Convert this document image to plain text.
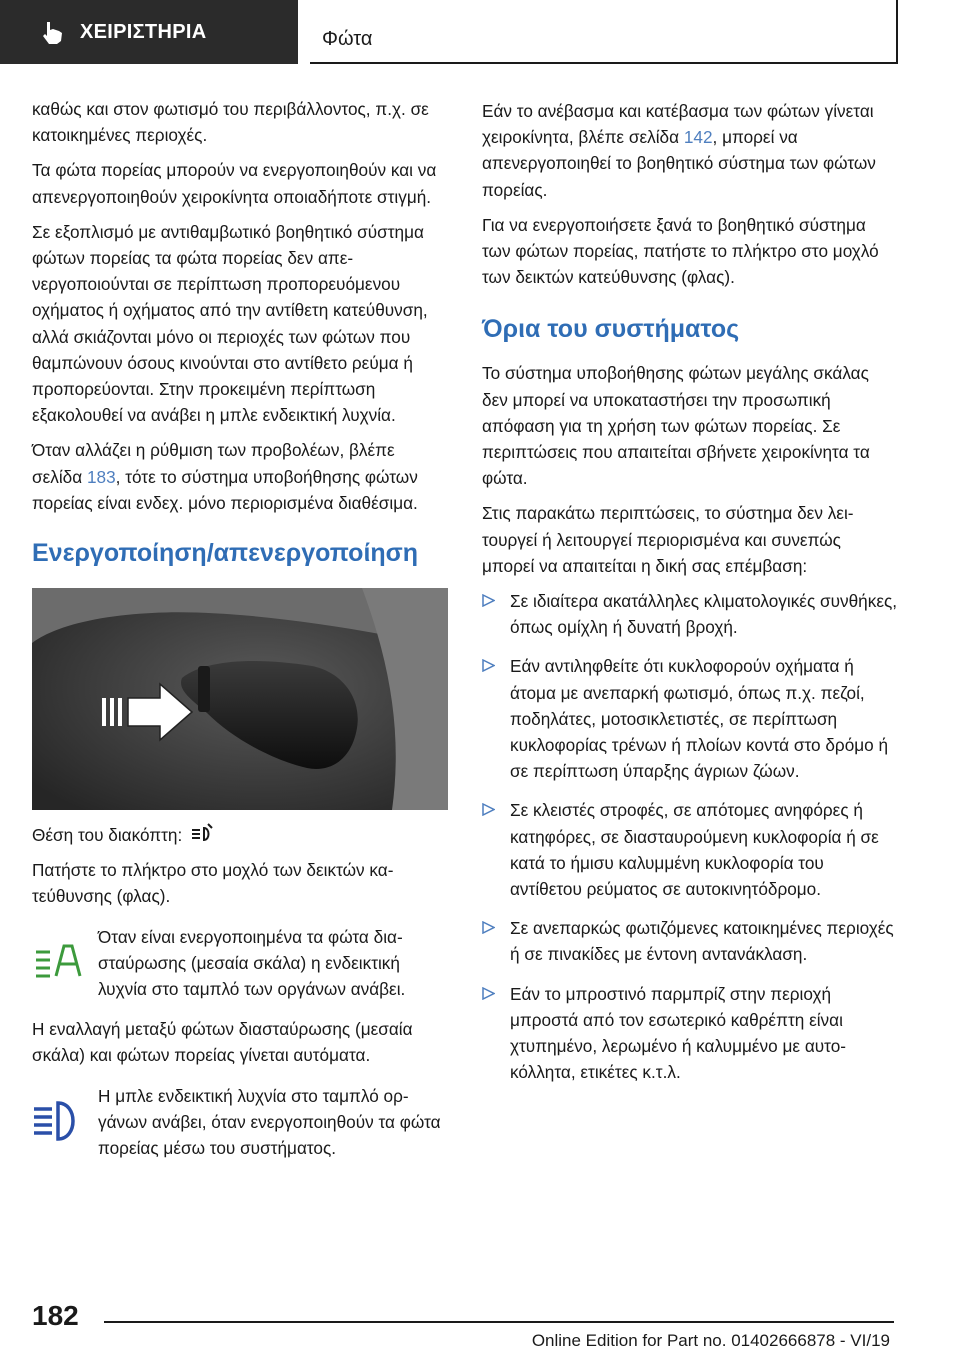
ΧΕΙΡΙΣΤΗΡΙΑ	Φώτα

καθώς και στον φωτισμό του περιβάλλοντος, π.χ. σε κατοικημένες περιοχές.

Τα φώτα πορείας μπορούν να ενεργοποιηθούν και να απενεργοποιηθούν χειροκίνητα οποιαδήποτε στιγμή.

Σε εξοπλισμό με αντιθαμβωτικό βοηθητικό σύστημα φώτων πορείας τα φώτα πορείας δεν απενεργοποιούνται σε περίπτωση προπορευόμενου οχήματος ή οχήματος από την αντίθετη κατεύθυνση, αλλά σκιάζονται μόνο οι περιοχές των φώτων που θαμπώνουν όσους κινούνται στο αντίθετο ρεύμα ή προπορεύονται. Στην προκειμένη περίπτωση εξακολουθεί να ανάβει η μπλε ενδεικτική λυχνία.

Όταν αλλάζει η ρύθμιση των προβολέων, βλέπε σελίδα 183, τότε το σύστημα υποβοήθησης φώτων πορείας είναι ενδεχ. μόνο περιορισμένα διαθέσιμα.

Ενεργοποίηση/απενεργοποίηση

Θέση του διακόπτη:

Πατήστε το πλήκτρο στο μοχλό των δεικτών κατεύθυνσης (φλας).

Όταν είναι ενεργοποιημένα τα φώτα διασταύρωσης (μεσαία σκάλα) η ενδεικτική λυχνία στο ταμπλό των οργάνων ανάβει.

Η εναλλαγή μεταξύ φώτων διασταύρωσης (μεσαία σκάλα) και φώτων πορείας γίνεται αυτόματα.

Η μπλε ενδεικτική λυχνία στο ταμπλό οργάνων ανάβει, όταν ενεργοποιηθούν τα φώτα πορείας μέσω του συστήματος.

Εάν το ανέβασμα και κατέβασμα των φώτων γίνεται χειροκίνητα, βλέπε σελίδα 142, μπορεί να απενεργοποιηθεί το βοηθητικό σύστημα των φώτων πορείας.

Για να ενεργοποιήσετε ξανά το βοηθητικό σύστημα των φώτων πορείας, πατήστε το πλήκτρο στο μοχλό των δεικτών κατεύθυνσης (φλας).

Όρια του συστήματος

Το σύστημα υποβοήθησης φώτων μεγάλης σκάλας δεν μπορεί να υποκαταστήσει την προσωπική απόφαση για τη χρήση των φώτων πορείας. Σε περιπτώσεις που απαιτείται σβήνετε χειροκίνητα τα φώτα.

Στις παρακάτω περιπτώσεις, το σύστημα δεν λειτουργεί ή λειτουργεί περιορισμένα και συνεπώς μπορεί να απαιτείται η δική σας επέμβαση:

Σε ιδιαίτερα ακατάλληλες κλιματολογικές συνθήκες, όπως ομίχλη ή δυνατή βροχή.
Εάν αντιληφθείτε ότι κυκλοφορούν οχήματα ή άτομα με ανεπαρκή φωτισμό, όπως π.χ. πεζοί, ποδηλάτες, μοτοσικλετιστές, σε περίπτωση κυκλοφορίας τρένων ή πλοίων κοντά στο δρόμο ή σε περίπτωση ύπαρξης άγριων ζώων.
Σε κλειστές στροφές, σε απότομες ανηφόρες ή κατηφόρες, σε διασταυρούμενη κυκλοφορία ή σε κατά το ήμισυ καλυμμένη κυκλοφορία του αντίθετου ρεύματος σε αυτοκινητόδρομο.
Σε ανεπαρκώς φωτιζόμενες κατοικημένες περιοχές ή σε πινακίδες με έντονη αντανάκλαση.
Εάν το μπροστινό παρμπρίζ στην περιοχή μπροστά από τον εσωτερικό καθρέπτη είναι χτυπημένο, λερωμένο ή καλυμμένο με αυτοκόλλητα, ετικέτες κ.τ.λ.
182
Online Edition for Part no. 01402666878 - VI/19
